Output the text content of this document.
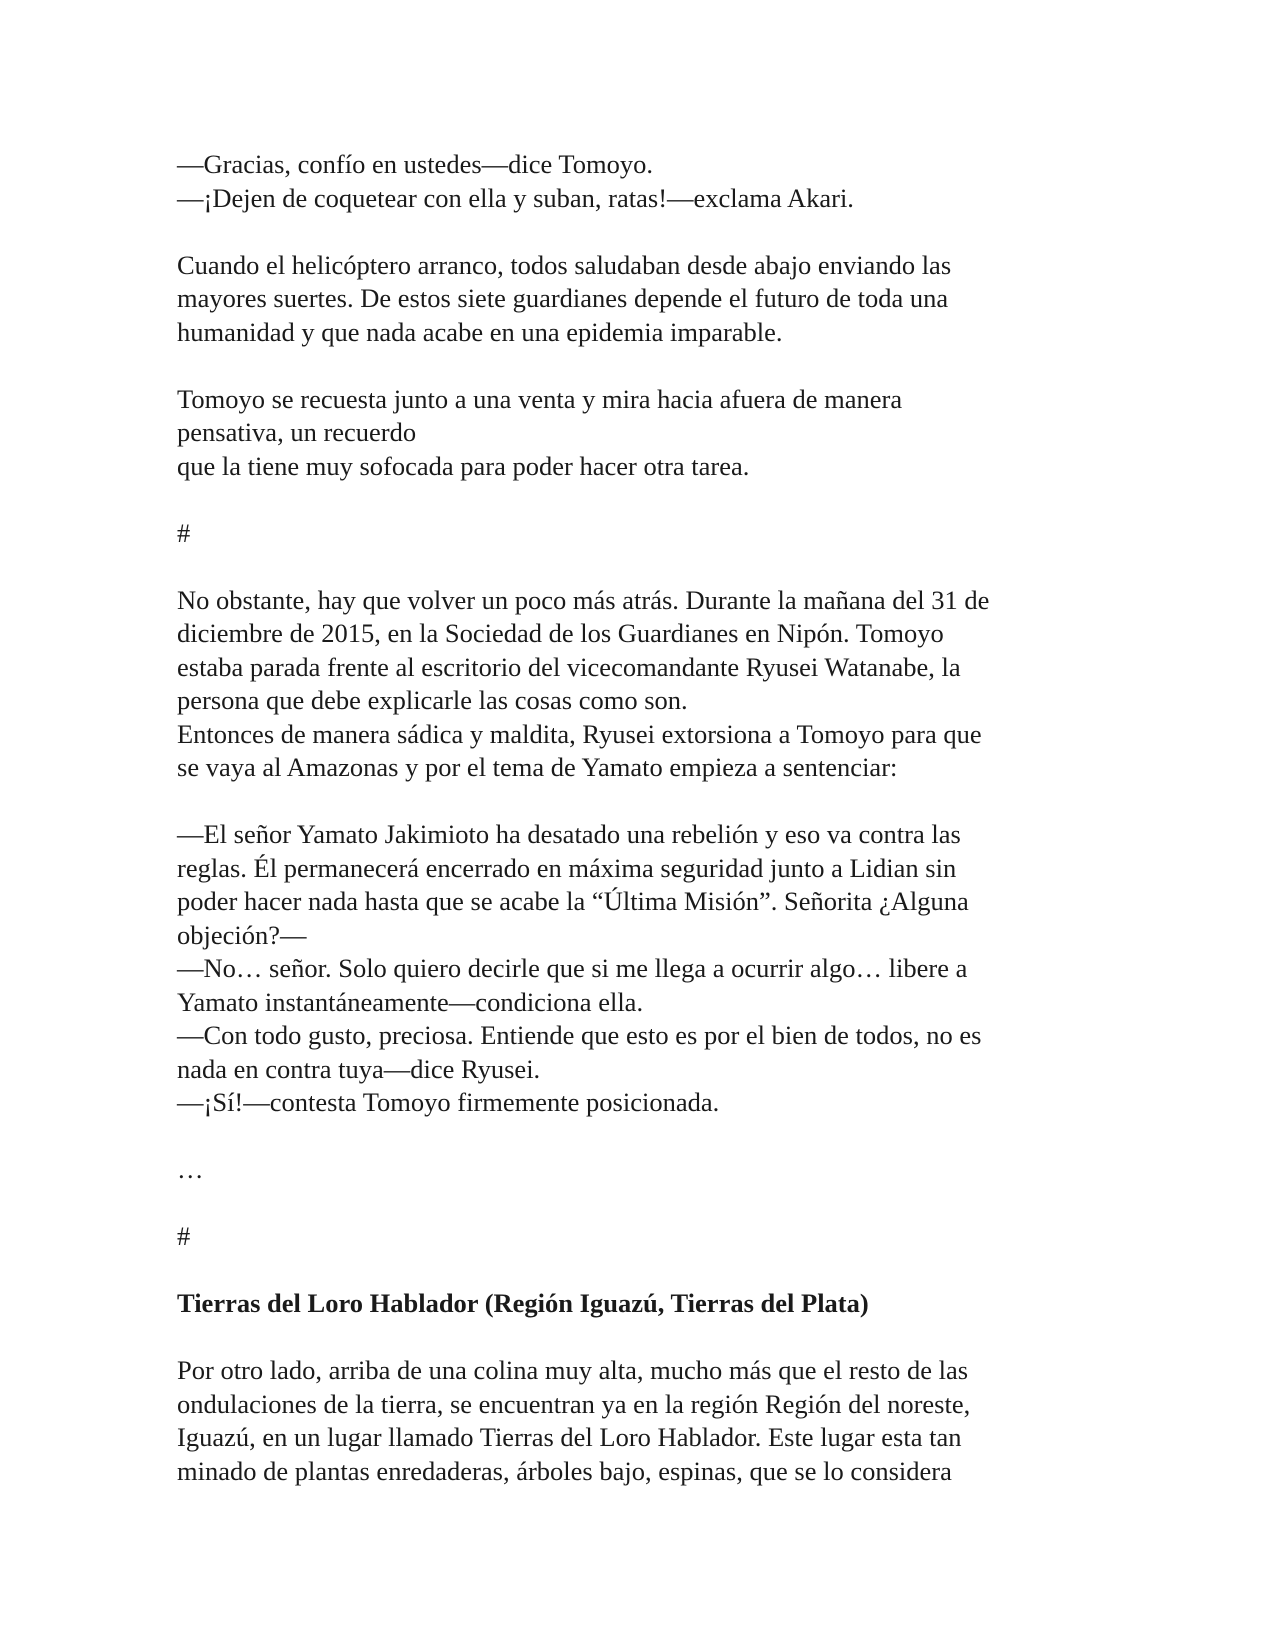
—Gracias, confío en ustedes—dice Tomoyo.
—¡Dejen de coquetear con ella y suban, ratas!—exclama Akari.
Cuando el helicóptero arranco, todos saludaban desde abajo enviando las
mayores suertes. De estos siete guardianes depende el futuro de toda una
humanidad y que nada acabe en una epidemia imparable.
Tomoyo se recuesta junto a una venta y mira hacia afuera de manera
pensativa, un recuerdo
que la tiene muy sofocada para poder hacer otra tarea.
#
No obstante, hay que volver un poco más atrás. Durante la mañana del 31 de
diciembre de 2015, en la Sociedad de los Guardianes en Nipón. Tomoyo
estaba parada frente al escritorio del vicecomandante Ryusei Watanabe, la
persona que debe explicarle las cosas como son.
Entonces de manera sádica y maldita, Ryusei extorsiona a Tomoyo para que
se vaya al Amazonas y por el tema de Yamato empieza a sentenciar:
—El señor Yamato Jakimioto ha desatado una rebelión y eso va contra las
reglas. Él permanecerá encerrado en máxima seguridad junto a Lidian sin
poder hacer nada hasta que se acabe la “Última Misión”. Señorita ¿Alguna
objeción?—
—No… señor. Solo quiero decirle que si me llega a ocurrir algo… libere a
Yamato instantáneamente—condiciona ella.
—Con todo gusto, preciosa. Entiende que esto es por el bien de todos, no es
nada en contra tuya—dice Ryusei.
—¡Sí!—contesta Tomoyo firmemente posicionada.
…
#
Tierras del Loro Hablador (Región Iguazú, Tierras del Plata)
Por otro lado, arriba de una colina muy alta, mucho más que el resto de las
ondulaciones de la tierra, se encuentran ya en la región Región del noreste,
Iguazú, en un lugar llamado Tierras del Loro Hablador. Este lugar esta tan
minado de plantas enredaderas, árboles bajo, espinas, que se lo considera
